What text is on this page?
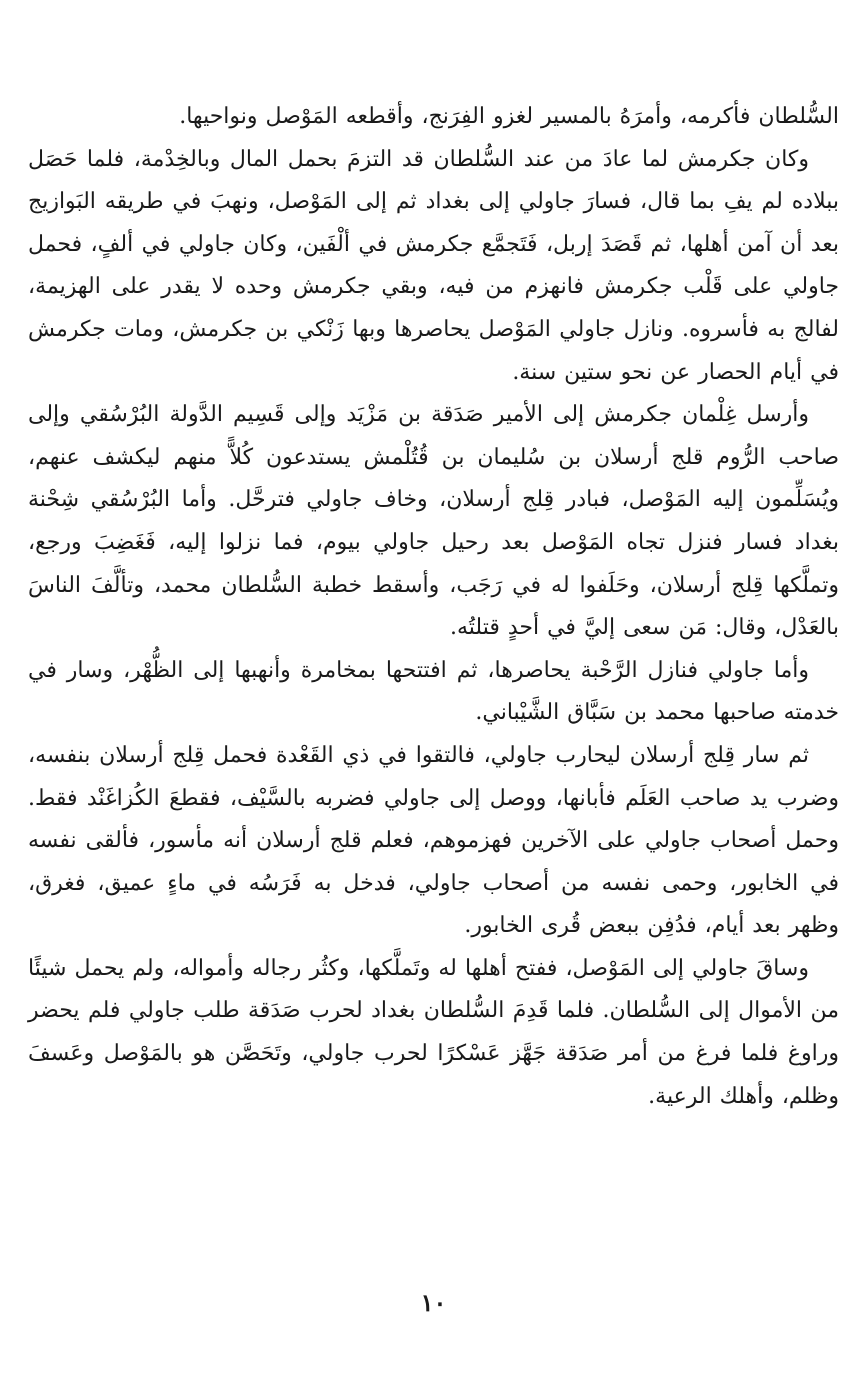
السُّلطان فأكرمه، وأمرَهُ بالمسير لغزو الفِرَنج، وأقطعه المَوْصل ونواحيها.

وكان جكرمش لما عادَ من عند السُّلطان قد التزمَ بحمل المال وبالخِدْمة، فلما حَصَل ببلاده لم يفِ بما قال، فسارَ جاولي إلى بغداد ثم إلى المَوْصل، ونهبَ في طريقه البَوازيج بعد أن آمن أهلها، ثم قَصَدَ إربل، فَتَجمَّع جكرمش في ألْفَين، وكان جاولي في ألفٍ، فحمل جاولي على قَلْب جكرمش فانهزم من فيه، وبقي جكرمش وحده لا يقدر على الهزيمة، لفالج به فأسروه. ونازل جاولي المَوْصل يحاصرها وبها زَنْكي بن جكرمش، ومات جكرمش في أيام الحصار عن نحو ستين سنة.

وأرسل غِلْمان جكرمش إلى الأمير صَدَقة بن مَزْيَد وإلى قَسِيم الدَّولة البُرْسُقي وإلى صاحب الرُّوم قلج أرسلان بن سُليمان بن قُتُلْمش يستدعون كُلاًّ منهم ليكشف عنهم، ويُسَلِّمون إليه المَوْصل، فبادر قِلج أرسلان، وخاف جاولي فترحَّل. وأما البُرْسُقي شِحْنة بغداد فسار فنزل تجاه المَوْصل بعد رحيل جاولي بيوم، فما نزلوا إليه، فَغَضِبَ ورجع، وتملَّكها قِلج أرسلان، وحَلَفوا له في رَجَب، وأسقط خطبة السُّلطان محمد، وتألَّفَ الناسَ بالعَدْل، وقال: مَن سعى إليَّ في أحدٍ قتلتُه.

وأما جاولي فنازل الرَّحْبة يحاصرها، ثم افتتحها بمخامرة وأنهبها إلى الظُّهْر، وسار في خدمته صاحبها محمد بن سَبَّاق الشَّيْباني.

ثم سار قِلج أرسلان ليحارب جاولي، فالتقوا في ذي القَعْدة فحمل قِلج أرسلان بنفسه، وضرب يد صاحب العَلَم فأبانها، ووصل إلى جاولي فضربه بالسَّيْف، فقطعَ الكُزاغَنْد فقط. وحمل أصحاب جاولي على الآخرين فهزموهم، فعلم قلج أرسلان أنه مأسور، فألقى نفسه في الخابور، وحمى نفسه من أصحاب جاولي، فدخل به فَرَسُه في ماءٍ عميق، فغرق، وظهر بعد أيام، فدُفِن ببعض قُرى الخابور.

وساقَ جاولي إلى المَوْصل، ففتح أهلها له وتَملَّكها، وكثُر رجاله وأمواله، ولم يحمل شيئًا من الأموال إلى السُّلطان. فلما قَدِمَ السُّلطان بغداد لحرب صَدَقة طلب جاولي فلم يحضر وراوغ فلما فرغ من أمر صَدَقة جَهَّز عَسْكرًا لحرب جاولي، وتَحَصَّن هو بالمَوْصل وعَسفَ وظلم، وأهلك الرعية.

١٠
